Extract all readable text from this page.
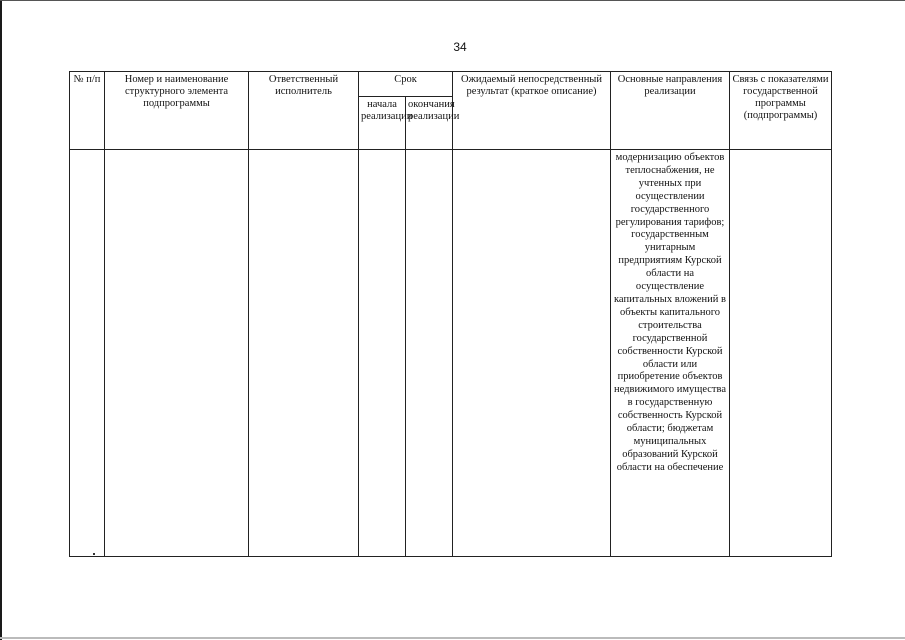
34
№ п/п	Номер и наименование структурного элемента подпрограммы	Ответственный исполнитель	Срок		Ожидаемый непосредственный результат (краткое описание)	Основные направления реализации	Связь с показателями государственной программы (подпрограммы)
			начала реализации	окончания реализации			
						модернизацию объектов теплоснабжения, не учтенных при осуществлении государственного регулирования тарифов; государственным унитарным предприятиям Курской области на осуществление капитальных вложений в объекты капитального строительства государственной собственности Курской области или приобретение объектов недвижимого имущества в государственную собственность Курской области; бюджетам муниципальных образований Курской области на обеспечение	
